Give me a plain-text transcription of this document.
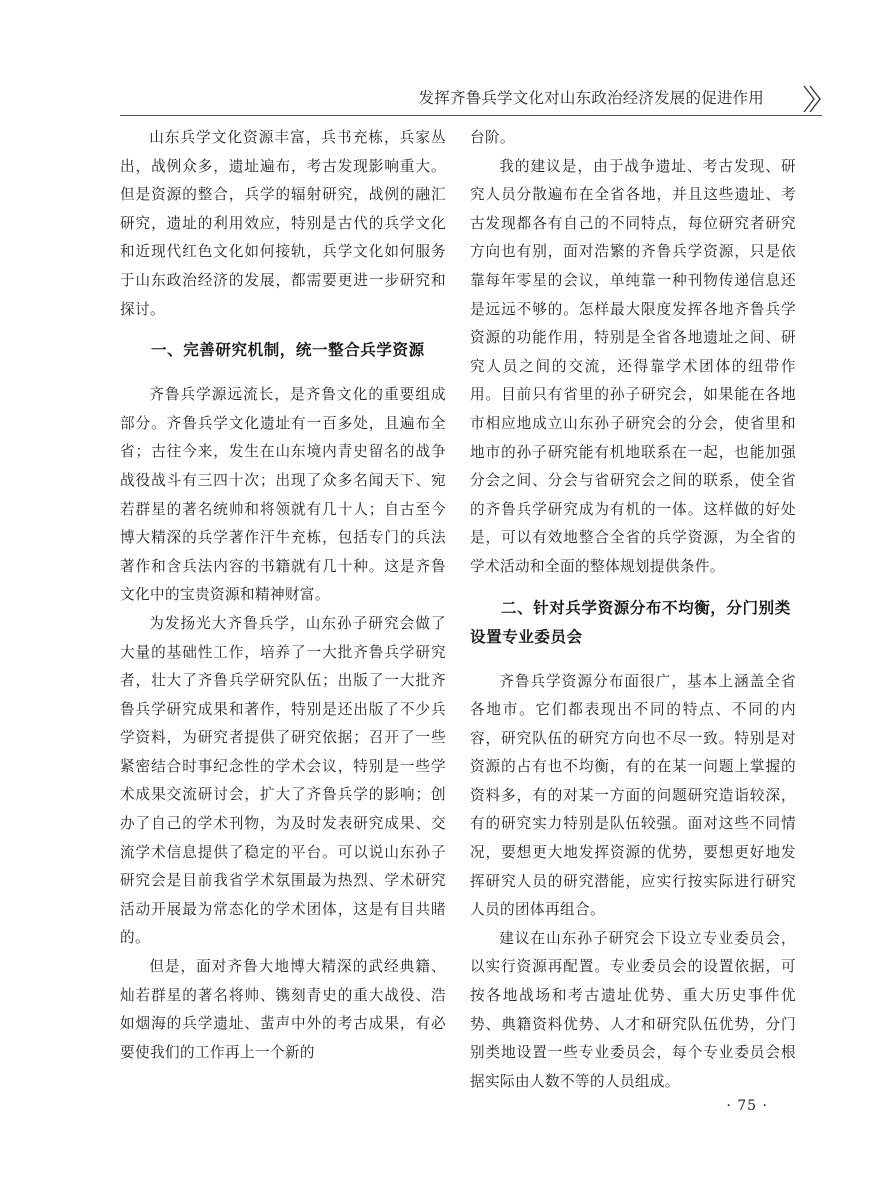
发挥齐鲁兵学文化对山东政治经济发展的促进作用

山东兵学文化资源丰富，兵书充栋，兵家丛出，战例众多，遗址遍布，考古发现影响重大。但是资源的整合，兵学的辐射研究，战例的融汇研究，遗址的利用效应，特别是古代的兵学文化和近现代红色文化如何接轨，兵学文化如何服务于山东政治经济的发展，都需要更进一步研究和探讨。

一、完善研究机制，统一整合兵学资源

齐鲁兵学源远流长，是齐鲁文化的重要组成部分。齐鲁兵学文化遗址有一百多处，且遍布全省；古往今来，发生在山东境内青史留名的战争战役战斗有三四十次；出现了众多名闻天下、宛若群星的著名统帅和将领就有几十人；自古至今博大精深的兵学著作汗牛充栋，包括专门的兵法著作和含兵法内容的书籍就有几十种。这是齐鲁文化中的宝贵资源和精神财富。

为发扬光大齐鲁兵学，山东孙子研究会做了大量的基础性工作，培养了一大批齐鲁兵学研究者，壮大了齐鲁兵学研究队伍；出版了一大批齐鲁兵学研究成果和著作，特别是还出版了不少兵学资料，为研究者提供了研究依据；召开了一些紧密结合时事纪念性的学术会议，特别是一些学术成果交流研讨会，扩大了齐鲁兵学的影响；创办了自己的学术刊物，为及时发表研究成果、交流学术信息提供了稳定的平台。可以说山东孙子研究会是目前我省学术氛围最为热烈、学术研究活动开展最为常态化的学术团体，这是有目共睹的。

但是，面对齐鲁大地博大精深的武经典籍、灿若群星的著名将帅、镌刻青史的重大战役、浩如烟海的兵学遗址、蜚声中外的考古成果，有必要使我们的工作再上一个新的

台阶。

我的建议是，由于战争遗址、考古发现、研究人员分散遍布在全省各地，并且这些遗址、考古发现都各有自己的不同特点，每位研究者研究方向也有别，面对浩繁的齐鲁兵学资源，只是依靠每年零星的会议，单纯靠一种刊物传递信息还是远远不够的。怎样最大限度发挥各地齐鲁兵学资源的功能作用，特别是全省各地遗址之间、研究人员之间的交流，还得靠学术团体的纽带作用。目前只有省里的孙子研究会，如果能在各地市相应地成立山东孙子研究会的分会，使省里和地市的孙子研究能有机地联系在一起，也能加强分会之间、分会与省研究会之间的联系，使全省的齐鲁兵学研究成为有机的一体。这样做的好处是，可以有效地整合全省的兵学资源，为全省的学术活动和全面的整体规划提供条件。

二、针对兵学资源分布不均衡，分门别类设置专业委员会

齐鲁兵学资源分布面很广，基本上涵盖全省各地市。它们都表现出不同的特点、不同的内容，研究队伍的研究方向也不尽一致。特别是对资源的占有也不均衡，有的在某一问题上掌握的资料多，有的对某一方面的问题研究造诣较深，有的研究实力特别是队伍较强。面对这些不同情况，要想更大地发挥资源的优势，要想更好地发挥研究人员的研究潜能，应实行按实际进行研究人员的团体再组合。

建议在山东孙子研究会下设立专业委员会，以实行资源再配置。专业委员会的设置依据，可按各地战场和考古遗址优势、重大历史事件优势、典籍资料优势、人才和研究队伍优势，分门别类地设置一些专业委员会，每个专业委员会根据实际由人数不等的人员组成。

· 75 ·
